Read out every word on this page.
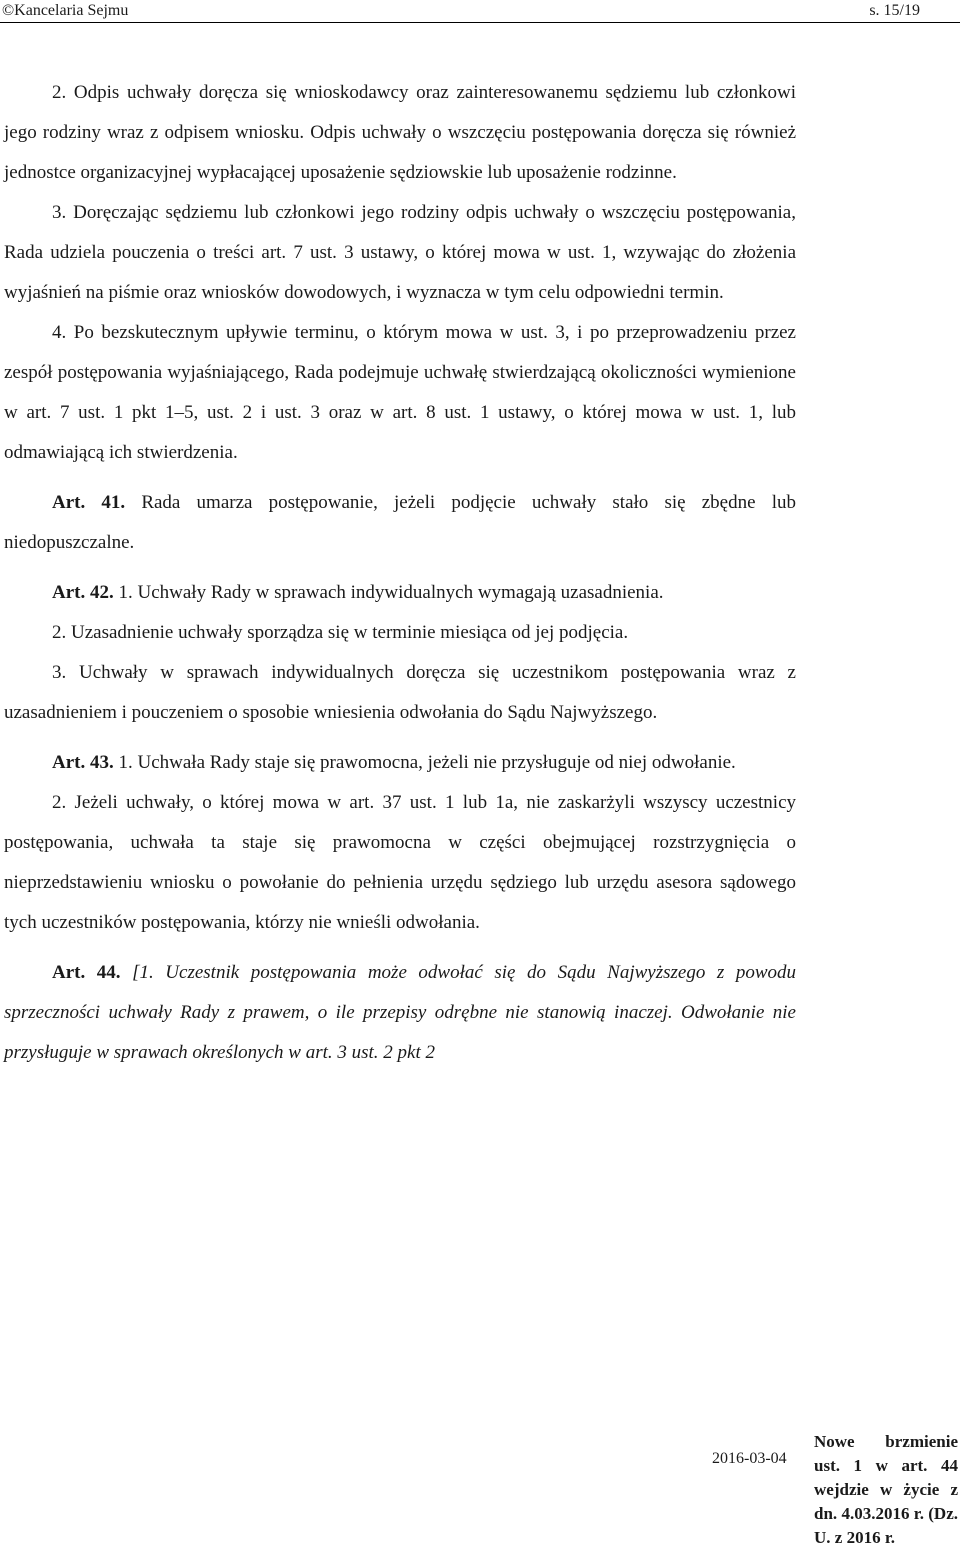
©Kancelaria Sejmu	s. 15/19

2. Odpis uchwały doręcza się wnioskodawcy oraz zainteresowanemu sędziemu lub członkowi jego rodziny wraz z odpisem wniosku. Odpis uchwały o wszczęciu postępowania doręcza się również jednostce organizacyjnej wypłacającej uposażenie sędziowskie lub uposażenie rodzinne.

3. Doręczając sędziemu lub członkowi jego rodziny odpis uchwały o wszczęciu postępowania, Rada udziela pouczenia o treści art. 7 ust. 3 ustawy, o której mowa w ust. 1, wzywając do złożenia wyjaśnień na piśmie oraz wniosków dowodowych, i wyznacza w tym celu odpowiedni termin.

4. Po bezskutecznym upływie terminu, o którym mowa w ust. 3, i po przeprowadzeniu przez zespół postępowania wyjaśniającego, Rada podejmuje uchwałę stwierdzającą okoliczności wymienione w art. 7 ust. 1 pkt 1–5, ust. 2 i ust. 3 oraz w art. 8 ust. 1 ustawy, o której mowa w ust. 1, lub odmawiającą ich stwierdzenia.

Art. 41. Rada umarza postępowanie, jeżeli podjęcie uchwały stało się zbędne lub niedopuszczalne.

Art. 42. 1. Uchwały Rady w sprawach indywidualnych wymagają uzasadnienia.

2. Uzasadnienie uchwały sporządza się w terminie miesiąca od jej podjęcia.

3. Uchwały w sprawach indywidualnych doręcza się uczestnikom postępowania wraz z uzasadnieniem i pouczeniem o sposobie wniesienia odwołania do Sądu Najwyższego.

Art. 43. 1. Uchwała Rady staje się prawomocna, jeżeli nie przysługuje od niej odwołanie.

2. Jeżeli uchwały, o której mowa w art. 37 ust. 1 lub 1a, nie zaskarżyli wszyscy uczestnicy postępowania, uchwała ta staje się prawomocna w części obejmującej rozstrzygnięcia o nieprzedstawieniu wniosku o powołanie do pełnienia urzędu sędziego lub urzędu asesora sądowego tych uczestników postępowania, którzy nie wnieśli odwołania.

Art. 44. [1. Uczestnik postępowania może odwołać się do Sądu Najwyższego z powodu sprzeczności uchwały Rady z prawem, o ile przepisy odrębne nie stanowią inaczej. Odwołanie nie przysługuje w sprawach określonych w art. 3 ust. 2 pkt 2

2016-03-04
Nowe brzmienie ust. 1 w art. 44 wejdzie w życie z dn. 4.03.2016 r. (Dz. U. z 2016 r.
